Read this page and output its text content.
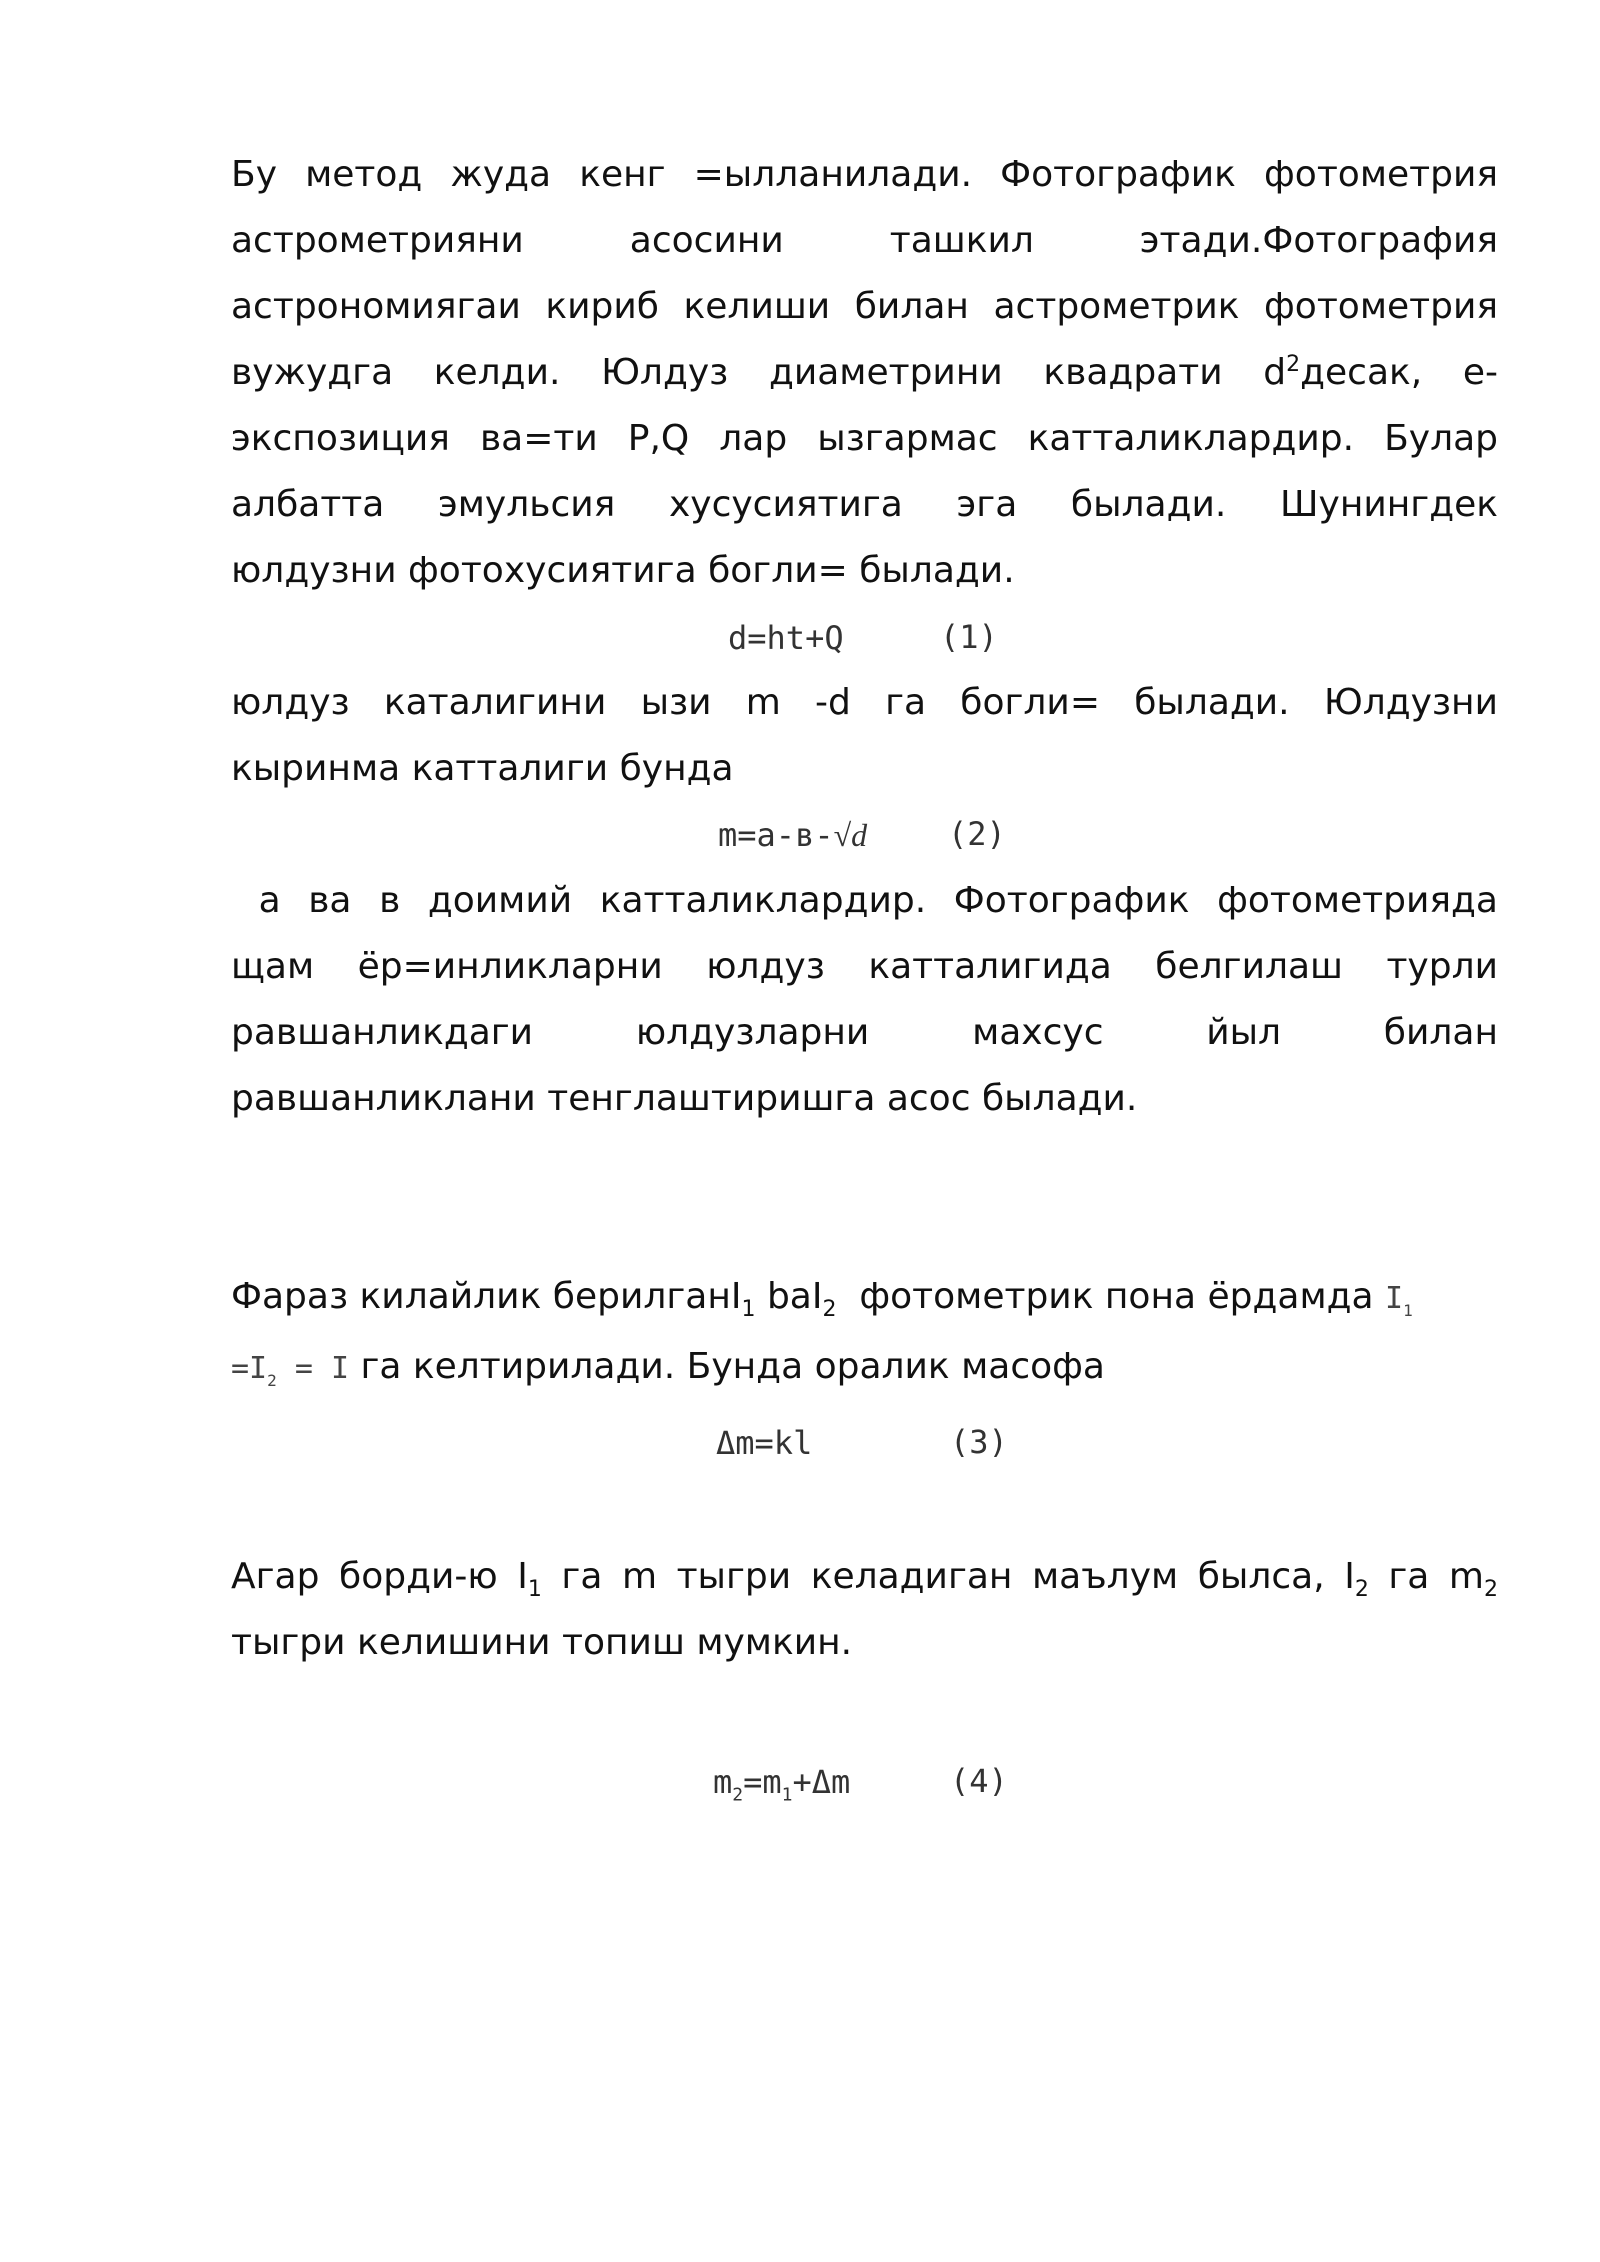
Бу метод жуда кенг =ылланилади. Фотографик фотометрия
астрометрияни асосини ташкил этади.Фотография
астрономиягаи кириб келиши билан астрометрик фотометрия
вужудга келди. Юлдуз диаметрини квадрати $d^2десак$, е-
экспозиция ва=ти P,Q лар ызгармас катталиклардир. Булар
албатта эмульсия хусусиятига эга былади. Шунингдек
юлдузни фотохусиятига богли= былади.
d=ht+Q	(1)
юлдуз каталигини ызи m -d га богли= былади. Юлдузни
кыринма катталиги бунда
m=a-в-√d	(2)
а ва в доимий катталиклардир. Фотографик фотометрияда
щам ёр=инликларни юлдуз катталигида белгилаш турли
равшанликдаги юлдузларни махсус йыл билан
равшанликлани тенглаштиришга асос былади.
Фараз килайлик берилганI$_1$ baI$_2$  фотометрик пона ёрдамда $I_1$
$=I_2 = I$ га келтирилади. Бунда оралик масофа
Δm=kl	(3)
Агар борди-ю $I_1$ га m тыгри келадиган маълум былса, $I_2$ га $m_2$
тыгри келишини топиш мумкин.
$m_2=m_1+\Delta m$	(4)
